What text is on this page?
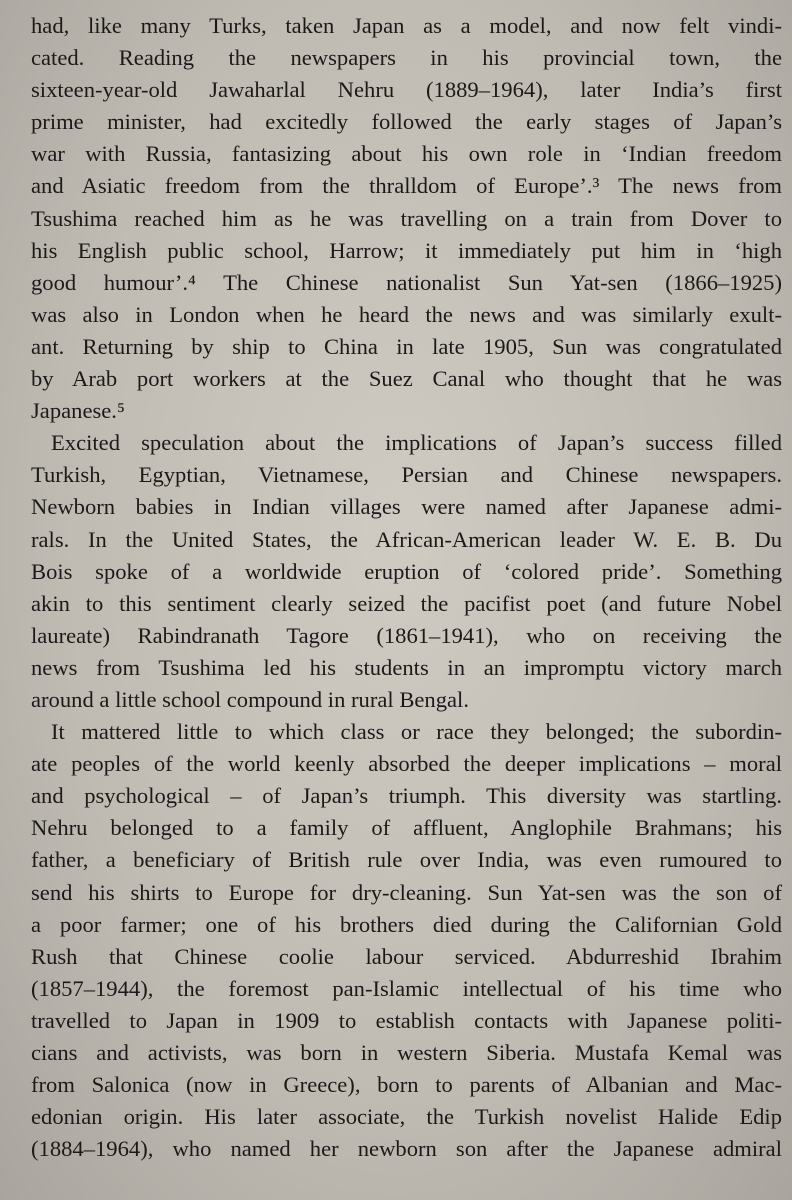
had, like many Turks, taken Japan as a model, and now felt vindi-
cated. Reading the newspapers in his provincial town, the
sixteen-year-old Jawaharlal Nehru (1889–1964), later India’s first
prime minister, had excitedly followed the early stages of Japan’s
war with Russia, fantasizing about his own role in ‘Indian freedom
and Asiatic freedom from the thralldom of Europe’.³ The news from
Tsushima reached him as he was travelling on a train from Dover to
his English public school, Harrow; it immediately put him in ‘high
good humour’.⁴ The Chinese nationalist Sun Yat-sen (1866–1925)
was also in London when he heard the news and was similarly exult-
ant. Returning by ship to China in late 1905, Sun was congratulated
by Arab port workers at the Suez Canal who thought that he was
Japanese.⁵

Excited speculation about the implications of Japan’s success filled
Turkish, Egyptian, Vietnamese, Persian and Chinese newspapers.
Newborn babies in Indian villages were named after Japanese admi-
rals. In the United States, the African-American leader W. E. B. Du
Bois spoke of a worldwide eruption of ‘colored pride’. Something
akin to this sentiment clearly seized the pacifist poet (and future Nobel
laureate) Rabindranath Tagore (1861–1941), who on receiving the
news from Tsushima led his students in an impromptu victory march
around a little school compound in rural Bengal.

It mattered little to which class or race they belonged; the subordin-
ate peoples of the world keenly absorbed the deeper implications – moral
and psychological – of Japan’s triumph. This diversity was startling.
Nehru belonged to a family of affluent, Anglophile Brahmans; his
father, a beneficiary of British rule over India, was even rumoured to
send his shirts to Europe for dry-cleaning. Sun Yat-sen was the son of
a poor farmer; one of his brothers died during the Californian Gold
Rush that Chinese coolie labour serviced. Abdurreshid Ibrahim
(1857–1944), the foremost pan-Islamic intellectual of his time who
travelled to Japan in 1909 to establish contacts with Japanese politi-
cians and activists, was born in western Siberia. Mustafa Kemal was
from Salonica (now in Greece), born to parents of Albanian and Mac-
edonian origin. His later associate, the Turkish novelist Halide Edip
(1884–1964), who named her newborn son after the Japanese admiral
